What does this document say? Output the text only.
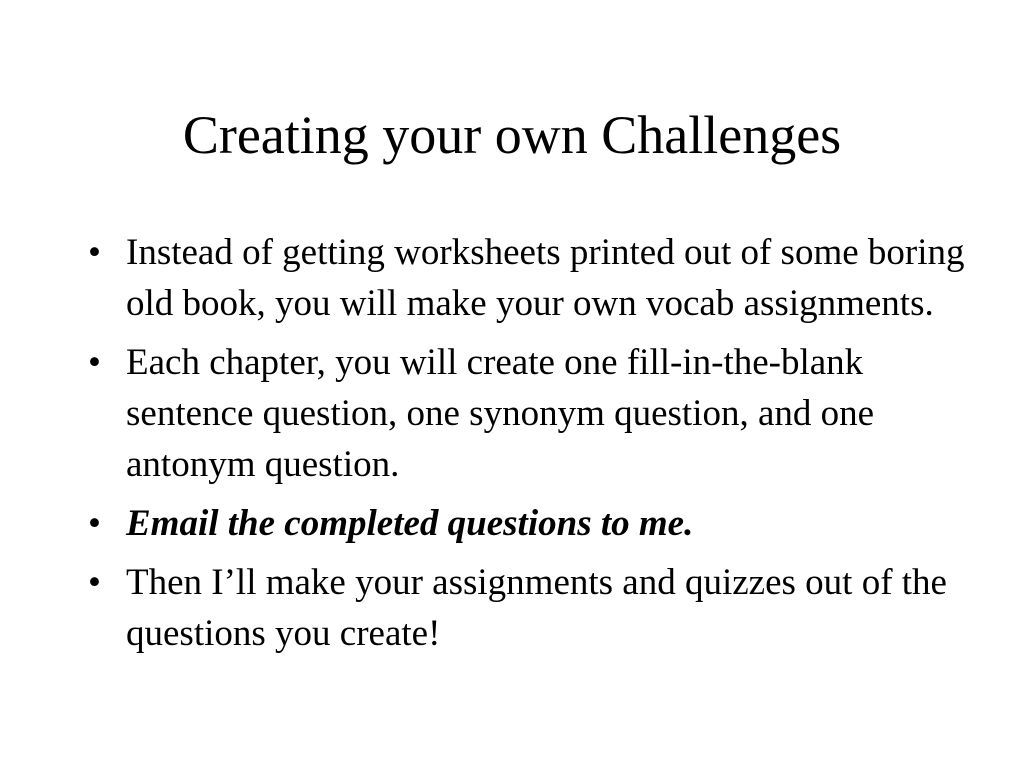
Creating your own Challenges
• Instead of getting worksheets printed out of some boring old book, you will make your own vocab assignments.
• Each chapter, you will create one fill-in-the-blank sentence question, one synonym question, and one antonym question.
• Email the completed questions to me.
• Then I’ll make your assignments and quizzes out of the questions you create!
